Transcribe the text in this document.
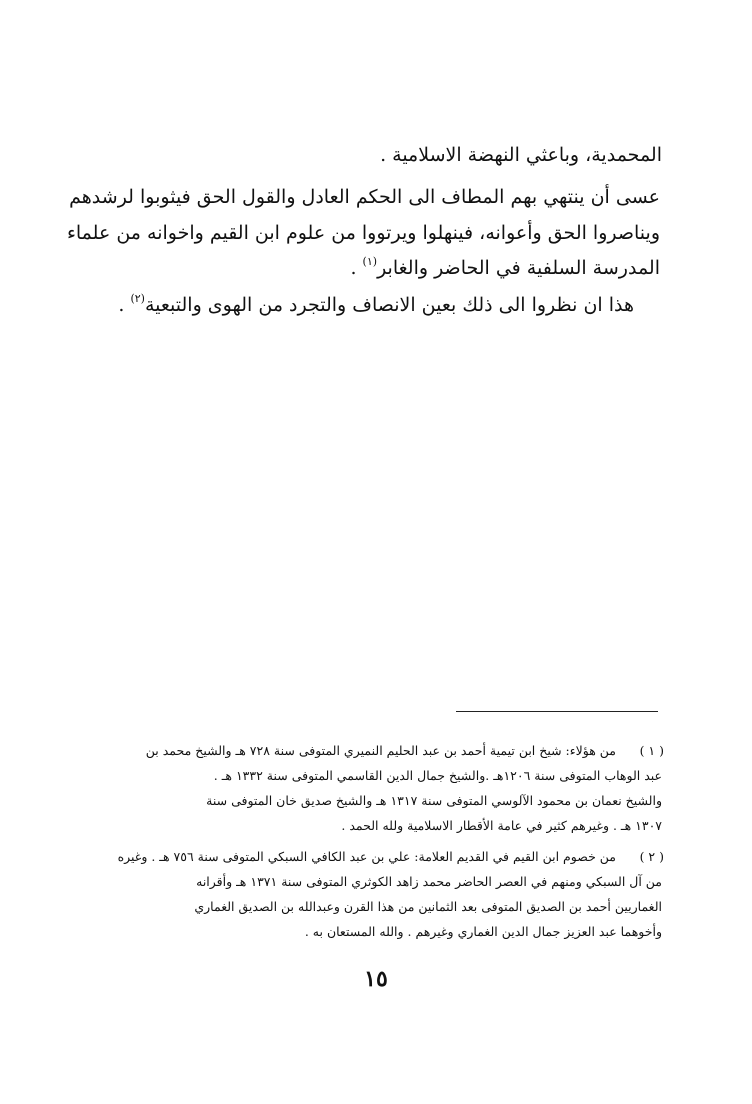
المحمدية، وباعثي النهضة الاسلامية .
عسى أن ينتهي بهم المطاف الى الحكم العادل والقول الحق فيثوبوا لرشدهم
ويناصروا الحق وأعوانه، فينهلوا ويرتووا من علوم ابن القيم واخوانه من علماء
المدرسة السلفية في الحاضر والغابر$^{(١)}$ .
هذا ان نظروا الى ذلك بعين الانصاف والتجرد من الهوى والتبعية$^{(٢)}$ .
( ١ )
من هؤلاء: شيخ ابن تيمية أحمد بن عبد الحليم النميري المتوفى سنة ٧٢٨ هـ والشيخ محمد بن
عبد الوهاب المتوفى سنة ١٢٠٦هـ .والشيخ جمال الدين القاسمي المتوفى سنة ١٣٣٢ هـ .
والشيخ نعمان بن محمود الآلوسي المتوفى سنة ١٣١٧ هـ والشيخ صديق خان المتوفى سنة
١٣٠٧ هـ . وغيرهم كثير في عامة الأقطار الاسلامية ولله الحمد .
( ٢ )
من خصوم ابن القيم في القديم العلامة: علي بن عبد الكافي السبكي المتوفى سنة ٧٥٦ هـ . وغيره
من آل السبكي ومنهم في العصر الحاضر محمد زاهد الكوثري المتوفى سنة ١٣٧١ هـ وأقرانه
الغماريين أحمد بن الصديق المتوفى بعد الثمانين من هذا القرن وعبدالله بن الصديق الغماري
وأخوهما عبد العزيز جمال الدين الغماري وغيرهم . والله المستعان به .
١٥
